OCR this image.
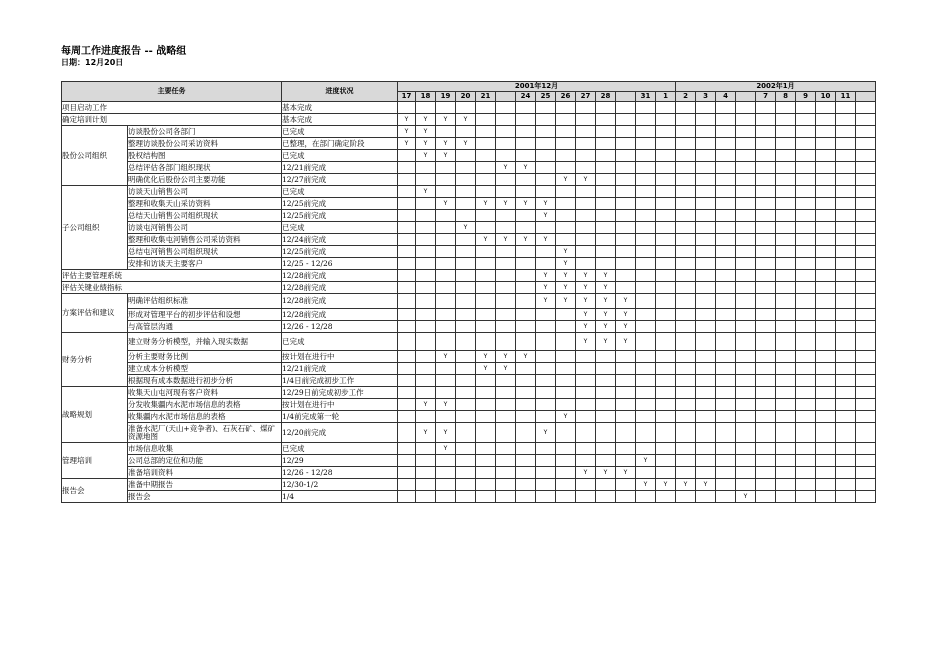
每周工作进度报告 -- 战略组
日期：12月20日
主要任务		进度状况	2001年12月														2002年1月									
			17	18	19	20	21		24	25	26	27	28		31	1	2	3	4		7	8	9	10	11	
项目启动工作		基本完成																								
确定培训计划		基本完成	Y	Y	Y	Y																				
股份公司组织	访谈股份公司各部门	已完成	Y	Y																						
	整理访谈股份公司采访资料	已整理，在部门确定阶段	Y	Y	Y	Y																				
	股权结构图	已完成		Y	Y																					
	总结评估各部门组织现状	12/21前完成						Y	Y																	
	明确优化后股份公司主要功能	12/27前完成									Y	Y														
子公司组织	访谈天山销售公司	已完成		Y																						
	整理和收集天山采访资料	12/25前完成			Y		Y	Y	Y	Y																
	总结天山销售公司组织现状	12/25前完成								Y																
	访谈屯河销售公司	已完成				Y																				
	整理和收集屯河销售公司采访资料	12/24前完成					Y	Y	Y	Y																
	总结屯河销售公司组织现状	12/25前完成									Y															
	安排和访谈天主要客户	12/25 - 12/26									Y															
评估主要管理系统		12/28前完成								Y	Y	Y	Y													
评估关键业绩指标		12/28前完成								Y	Y	Y	Y													
方案评估和建议	明确评估组织标准	12/28前完成								Y	Y	Y	Y	Y												
	形成对管理平台的初步评估和设想	12/28前完成										Y	Y	Y												
	与高管层沟通	12/26 - 12/28										Y	Y	Y												
财务分析	建立财务分析模型，并输入现实数据	已完成										Y	Y	Y												
	分析主要财务比例	按计划在进行中			Y		Y	Y	Y																	
	建立成本分析模型	12/21前完成					Y	Y																		
	根据现有成本数据进行初步分析	1/4日前完成初步工作																								
战略规划	收集天山屯河现有客户资料	12/29日前完成初步工作																								
	分发收集疆内水泥市场信息的表格	按计划在进行中		Y	Y																					
	收集疆内水泥市场信息的表格	1/4前完成第一轮									Y															
	准备水泥厂(天山+竞争者)、石灰石矿、煤矿资源地图	12/20前完成		Y	Y					Y																
管理培训	市场信息收集	已完成			Y																					
	公司总部的定位和功能	12/29													Y											
	准备培训资料	12/26 - 12/28										Y	Y	Y												
报告会	准备中期报告	12/30-1/2													Y	Y	Y	Y								
	报告会	1/4																		Y						
